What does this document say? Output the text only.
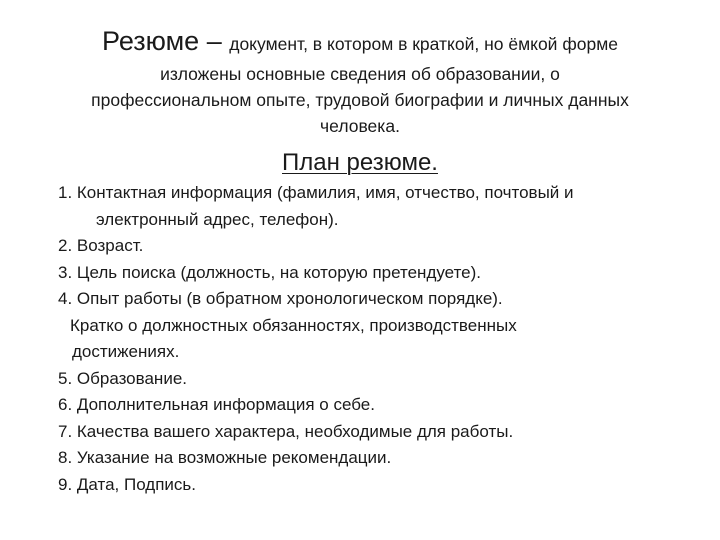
Резюме – документ, в котором в краткой, но ёмкой форме
изложены основные сведения об образовании, о
профессиональном опыте, трудовой биографии и личных данных
человека.
План резюме.
1. Контактная информация (фамилия, имя, отчество, почтовый и
электронный адрес, телефон).
2. Возраст.
3. Цель поиска (должность, на которую претендуете).
4. Опыт работы (в обратном хронологическом порядке).
Кратко о должностных обязанностях, производственных
достижениях.
5. Образование.
6. Дополнительная информация о себе.
7. Качества вашего характера, необходимые для работы.
8. Указание на возможные рекомендации.
9. Дата, Подпись.
